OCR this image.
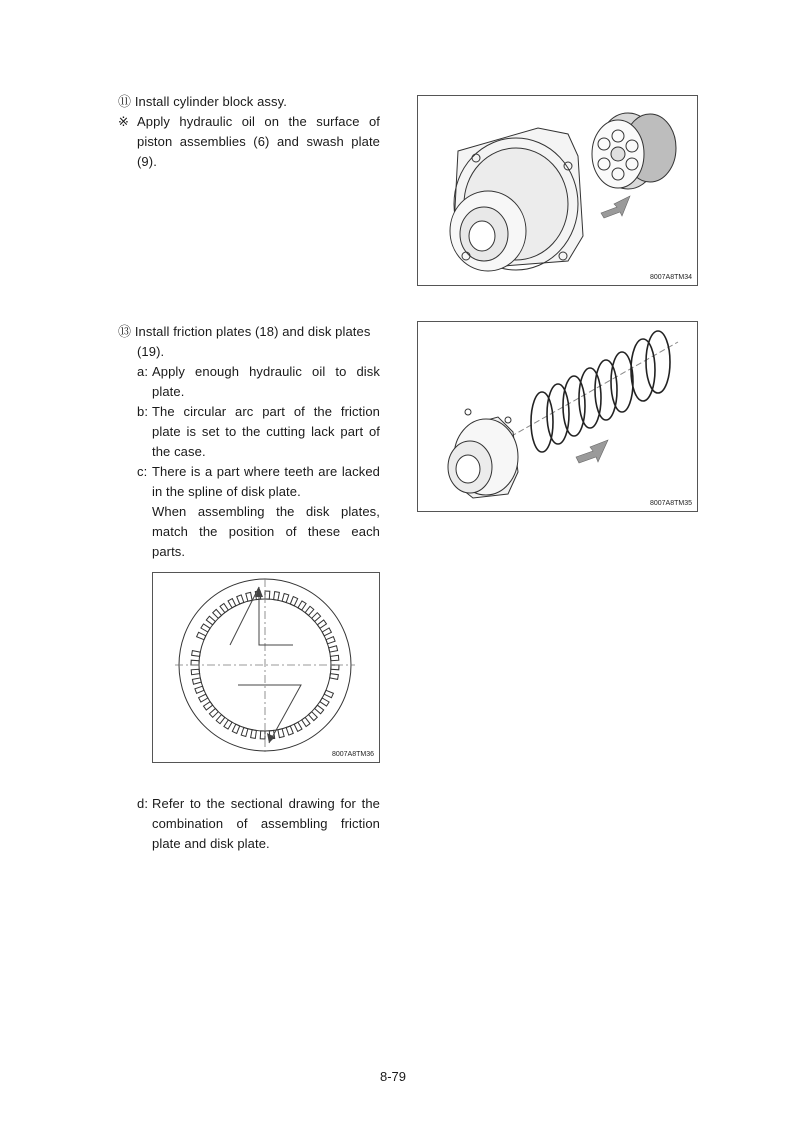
⑪ Install cylinder block assy.
※ Apply hydraulic oil on the surface of
piston assemblies (6) and swash plate
(9).
8007A8TM34
⑬ Install friction plates (18) and disk plates
(19).
a: Apply enough hydraulic oil to disk
plate.
b: The circular arc part of the friction
plate is set to the cutting lack part of
the case.
c: There is a part where teeth are lacked
in the spline of disk plate.
When assembling the disk plates,
match the position of these each
parts.
8007A8TM35
8007A8TM36
d: Refer to the sectional drawing for the
combination of assembling friction
plate and disk plate.
8-79
